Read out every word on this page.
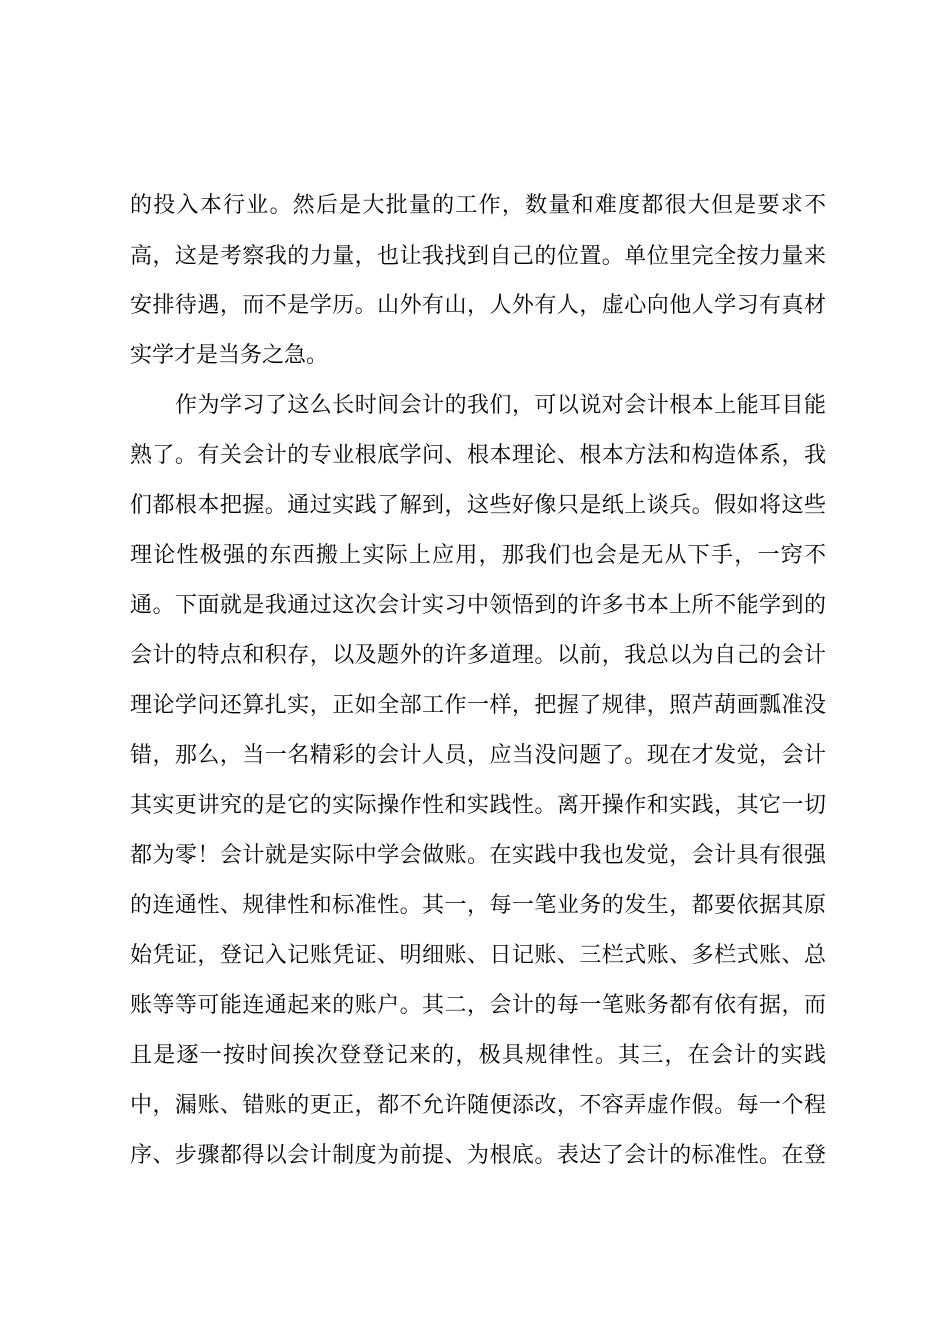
的投入本行业。然后是大批量的工作，数量和难度都很大但是要求不
高，这是考察我的力量，也让我找到自己的位置。单位里完全按力量来
安排待遇，而不是学历。山外有山，人外有人，虚心向他人学习有真材
实学才是当务之急。
作为学习了这么长时间会计的我们，可以说对会计根本上能耳目能
熟了。有关会计的专业根底学问、根本理论、根本方法和构造体系，我
们都根本把握。通过实践了解到，这些好像只是纸上谈兵。假如将这些
理论性极强的东西搬上实际上应用，那我们也会是无从下手，一窍不
通。下面就是我通过这次会计实习中领悟到的许多书本上所不能学到的
会计的特点和积存，以及题外的许多道理。以前，我总以为自己的会计
理论学问还算扎实，正如全部工作一样，把握了规律，照芦葫画瓢准没
错，那么，当一名精彩的会计人员，应当没问题了。现在才发觉，会计
其实更讲究的是它的实际操作性和实践性。离开操作和实践，其它一切
都为零！会计就是实际中学会做账。在实践中我也发觉，会计具有很强
的连通性、规律性和标准性。其一，每一笔业务的发生，都要依据其原
始凭证，登记入记账凭证、明细账、日记账、三栏式账、多栏式账、总
账等等可能连通起来的账户。其二，会计的每一笔账务都有依有据，而
且是逐一按时间挨次登登记来的，极具规律性。其三，在会计的实践
中，漏账、错账的更正，都不允许随便添改，不容弄虚作假。每一个程
序、步骤都得以会计制度为前提、为根底。表达了会计的标准性。在登
